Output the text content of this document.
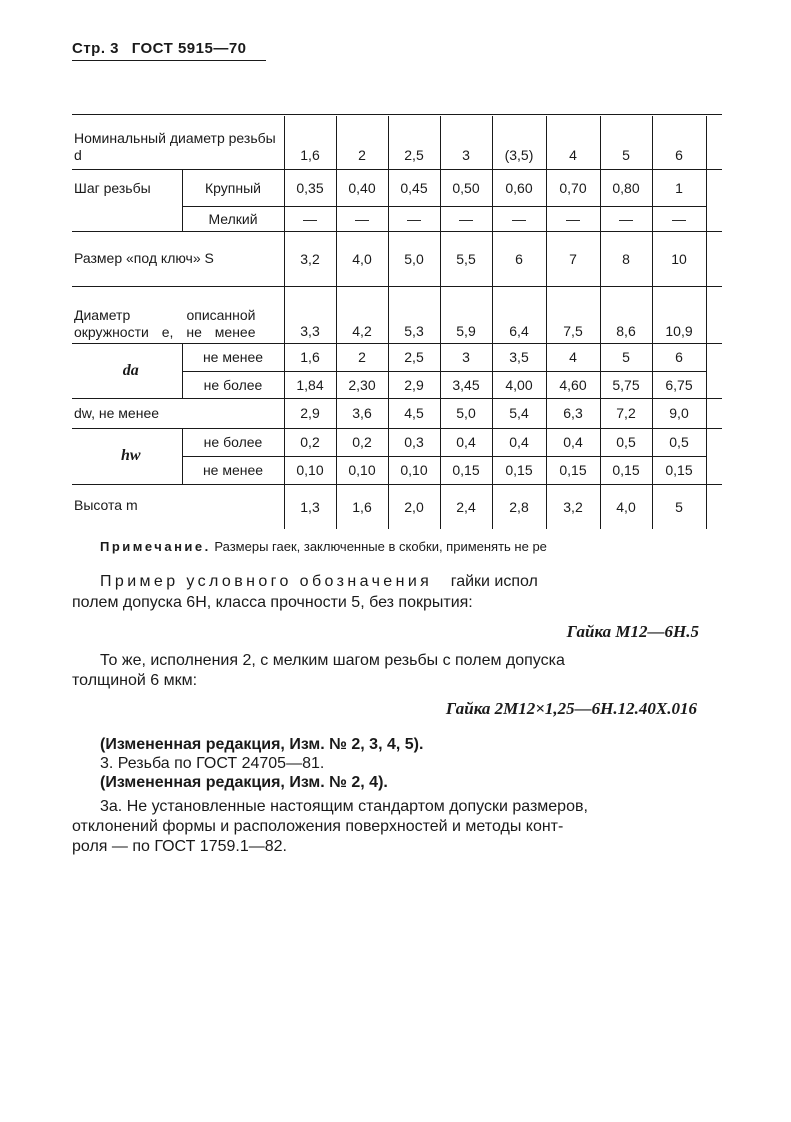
Стр. 3 ГОСТ 5915—70
Номинальный диаметр резьбы d		1,6	2	2,5	3	(3,5)	4	5	6	
Шаг резьбы	Крупный	0,35	0,40	0,45	0,50	0,60	0,70	0,80	1	
	Мелкий	—	—	—	—	—	—	—	—	
Размер «под ключ» S		3,2	4,0	5,0	5,5	6	7	8	10	
Диаметр описанной окружности e, не менее		3,3	4,2	5,3	5,9	6,4	7,5	8,6	10,9	
da	не менее	1,6	2	2,5	3	3,5	4	5	6	
	не более	1,84	2,30	2,9	3,45	4,00	4,60	5,75	6,75	
dw, не менее		2,9	3,6	4,5	5,0	5,4	6,3	7,2	9,0	
hw	не более	0,2	0,2	0,3	0,4	0,4	0,4	0,5	0,5	
	не менее	0,10	0,10	0,10	0,15	0,15	0,15	0,15	0,15	
Высота m		1,3	1,6	2,0	2,4	2,8	3,2	4,0	5	
Примечание. Размеры гаек, заключенные в скобки, применять не ре
Пример условного обозначения гайки испол
полем допуска 6H, класса прочности 5, без покрытия:
Гайка М12—6Н.5
То же, исполнения 2, с мелким шагом резьбы с полем допуска
толщиной 6 мкм:
Гайка 2М12×1,25—6Н.12.40Х.016
(Измененная редакция, Изм. № 2, 3, 4, 5).
3. Резьба по ГОСТ 24705—81.
(Измененная редакция, Изм. № 2, 4).
3а. Не установленные настоящим стандартом допуски размеров,
отклонений формы и расположения поверхностей и методы конт-
роля — по ГОСТ 1759.1—82.
